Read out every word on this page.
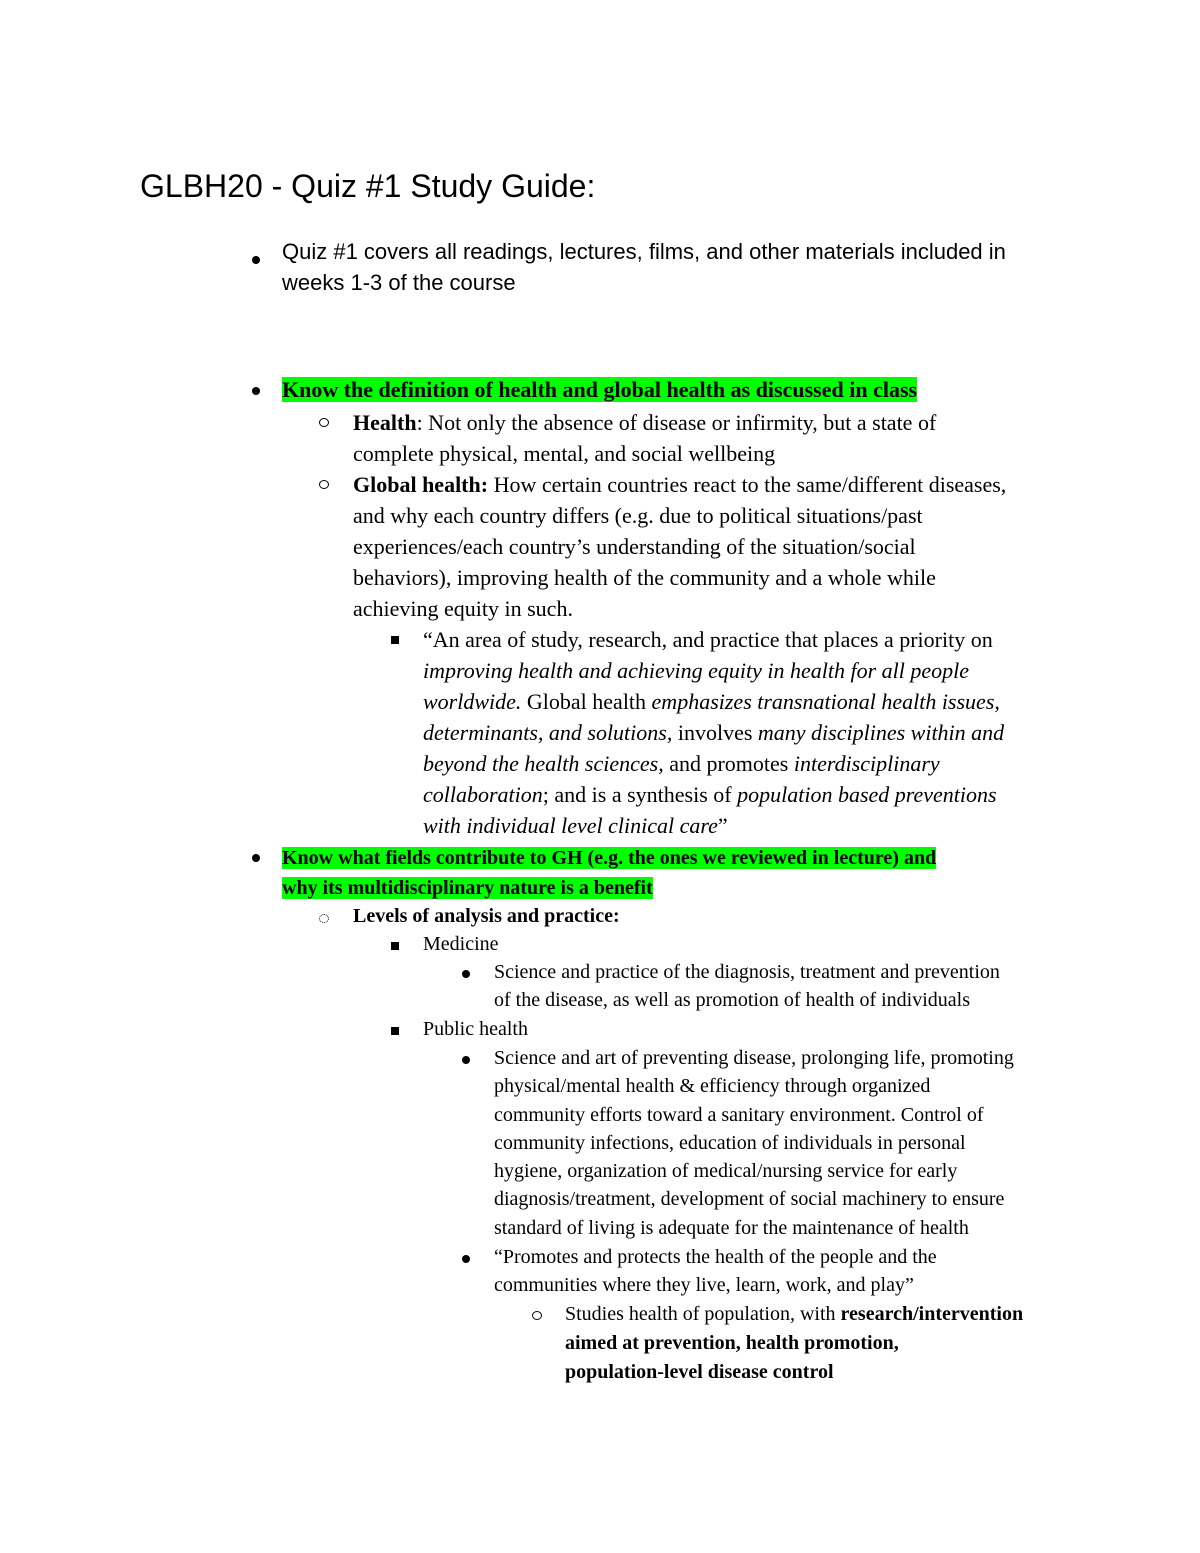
GLBH20 - Quiz #1 Study Guide:
Quiz #1 covers all readings, lectures, films, and other materials included in
weeks 1-3 of the course
Know the definition of health and global health as discussed in class
Health: Not only the absence of disease or infirmity, but a state of
complete physical, mental, and social wellbeing
Global health: How certain countries react to the same/different diseases,
and why each country differs (e.g. due to political situations/past
experiences/each country’s understanding of the situation/social
behaviors), improving health of the community and a whole while
achieving equity in such.
“An area of study, research, and practice that places a priority on
improving health and achieving equity in health for all people
worldwide. Global health emphasizes transnational health issues,
determinants, and solutions, involves many disciplines within and
beyond the health sciences, and promotes interdisciplinary
collaboration; and is a synthesis of population based preventions
with individual level clinical care”
Know what fields contribute to GH (e.g. the ones we reviewed in lecture) and
why its multidisciplinary nature is a benefit
Levels of analysis and practice:
Medicine
Science and practice of the diagnosis, treatment and prevention
of the disease, as well as promotion of health of individuals
Public health
Science and art of preventing disease, prolonging life, promoting
physical/mental health & efficiency through organized
community efforts toward a sanitary environment. Control of
community infections, education of individuals in personal
hygiene, organization of medical/nursing service for early
diagnosis/treatment, development of social machinery to ensure
standard of living is adequate for the maintenance of health
“Promotes and protects the health of the people and the
communities where they live, learn, work, and play”
Studies health of population, with research/intervention
aimed at prevention, health promotion,
population-level disease control
